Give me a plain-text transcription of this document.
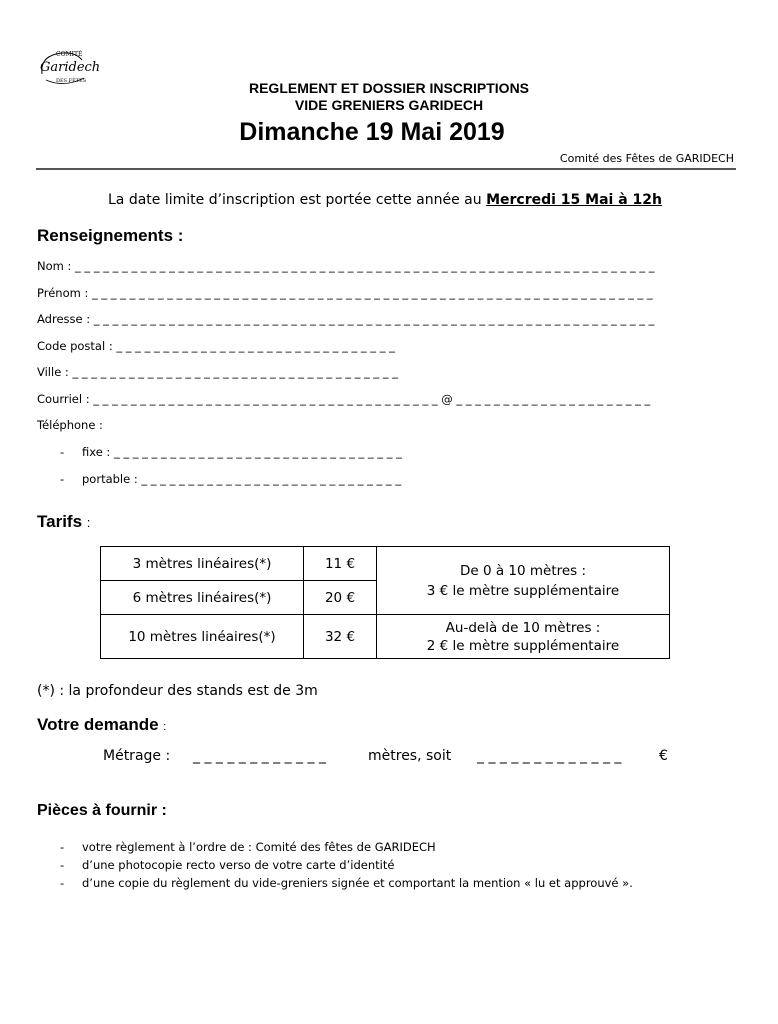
COMITÉ
Garidech
DES FÊTES	REGLEMENT ET DOSSIER INSCRIPTIONS
VIDE GRENIERS GARIDECH
Dimanche 19 Mai 2019
Comité des Fêtes de GARIDECH
La date limite d’inscription est portée cette année au Mercredi 15 Mai à 12h
Renseignements :
Nom : _ _ _ _ _ _ _ _ _ _ _ _ _ _ _ _ _ _ _ _ _ _ _ _ _ _ _ _ _ _ _ _ _ _ _ _ _ _ _ _ _ _ _ _ _ _ _ _ _ _ _ _ _ _ _ _ _ _ _ _ _ _
Prénom : _ _ _ _ _ _ _ _ _ _ _ _ _ _ _ _ _ _ _ _ _ _ _ _ _ _ _ _ _ _ _ _ _ _ _ _ _ _ _ _ _ _ _ _ _ _ _ _ _ _ _ _ _ _ _ _ _ _ _ _
Adresse : _ _ _ _ _ _ _ _ _ _ _ _ _ _ _ _ _ _ _ _ _ _ _ _ _ _ _ _ _ _ _ _ _ _ _ _ _ _ _ _ _ _ _ _ _ _ _ _ _ _ _ _ _ _ _ _ _ _ _ _
Code postal : _ _ _ _ _ _ _ _ _ _ _ _ _ _ _ _ _ _ _ _ _ _ _ _ _ _ _ _ _ _
Ville : _ _ _ _ _ _ _ _ _ _ _ _ _ _ _ _ _ _ _ _ _ _ _ _ _ _ _ _ _ _ _ _ _ _ _
Courriel : _ _ _ _ _ _ _ _ _ _ _ _ _ _ _ _ _ _ _ _ _ _ _ _ _ _ _ _ _ _ _ _ _ _ _ _ _ @ _ _ _ _ _ _ _ _ _ _ _ _ _ _ _ _ _ _ _ _ _
Téléphone :
- fixe : _ _ _ _ _ _ _ _ _ _ _ _ _ _ _ _ _ _ _ _ _ _ _ _ _ _ _ _ _ _ _
- portable : _ _ _ _ _ _ _ _ _ _ _ _ _ _ _ _ _ _ _ _ _ _ _ _ _ _ _ _
Tarifs :
3 mètres linéaires(*)	11 €	De 0 à 10 mètres :
3 € le mètre supplémentaire

6 mètres linéaires(*)	20 €	
10 mètres linéaires(*)	32 €	Au-delà de 10 mètres :
2 € le mètre supplémentaire
(*) : la profondeur des stands est de 3m
Votre demande :
Métrage : _ _ _ _ _ _ _ _ _ _ _ _	mètres, soit _ _ _ _ _ _ _ _ _ _ _ _ _	€
Pièces à fournir :
- votre règlement à l’ordre de : Comité des fêtes de GARIDECH
- d’une photocopie recto verso de votre carte d’identité
- d’une copie du règlement du vide-greniers signée et comportant la mention « lu et approuvé ».
